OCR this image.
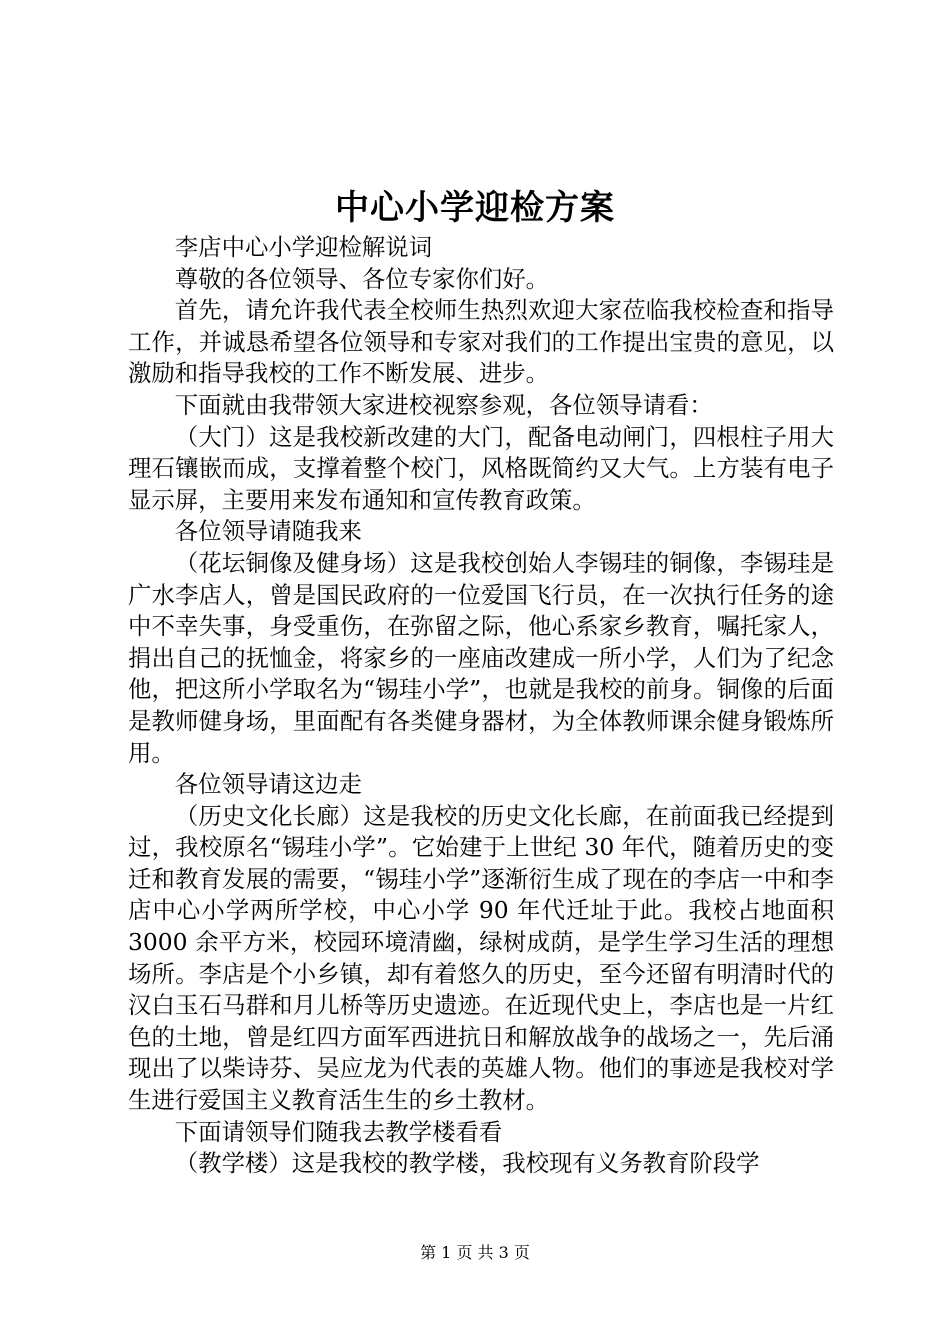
中心小学迎检方案

李店中心小学迎检解说词

尊敬的各位领导、各位专家你们好。

首先，请允许我代表全校师生热烈欢迎大家莅临我校检查和指导工作，并诚恳希望各位领导和专家对我们的工作提出宝贵的意见，以激励和指导我校的工作不断发展、进步。

下面就由我带领大家进校视察参观，各位领导请看：

（大门）这是我校新改建的大门，配备电动闸门，四根柱子用大理石镶嵌而成，支撑着整个校门，风格既简约又大气。上方装有电子显示屏，主要用来发布通知和宣传教育政策。

各位领导请随我来

（花坛铜像及健身场）这是我校创始人李锡珪的铜像，李锡珪是广水李店人，曾是国民政府的一位爱国飞行员，在一次执行任务的途中不幸失事，身受重伤，在弥留之际，他心系家乡教育，嘱托家人，捐出自己的抚恤金，将家乡的一座庙改建成一所小学，人们为了纪念他，把这所小学取名为“锡珪小学”，也就是我校的前身。铜像的后面是教师健身场，里面配有各类健身器材，为全体教师课余健身锻炼所用。

各位领导请这边走

（历史文化长廊）这是我校的历史文化长廊，在前面我已经提到过，我校原名“锡珪小学”。它始建于上世纪 30 年代，随着历史的变迁和教育发展的需要，“锡珪小学”逐渐衍生成了现在的李店一中和李店中心小学两所学校，中心小学 90 年代迁址于此。我校占地面积 3000 余平方米，校园环境清幽，绿树成荫，是学生学习生活的理想场所。李店是个小乡镇，却有着悠久的历史，至今还留有明清时代的汉白玉石马群和月儿桥等历史遗迹。在近现代史上，李店也是一片红色的土地，曾是红四方面军西进抗日和解放战争的战场之一，先后涌现出了以柴诗芬、吴应龙为代表的英雄人物。他们的事迹是我校对学生进行爱国主义教育活生生的乡土教材。

下面请领导们随我去教学楼看看

（教学楼）这是我校的教学楼，我校现有义务教育阶段学

第 1 页 共 3 页
